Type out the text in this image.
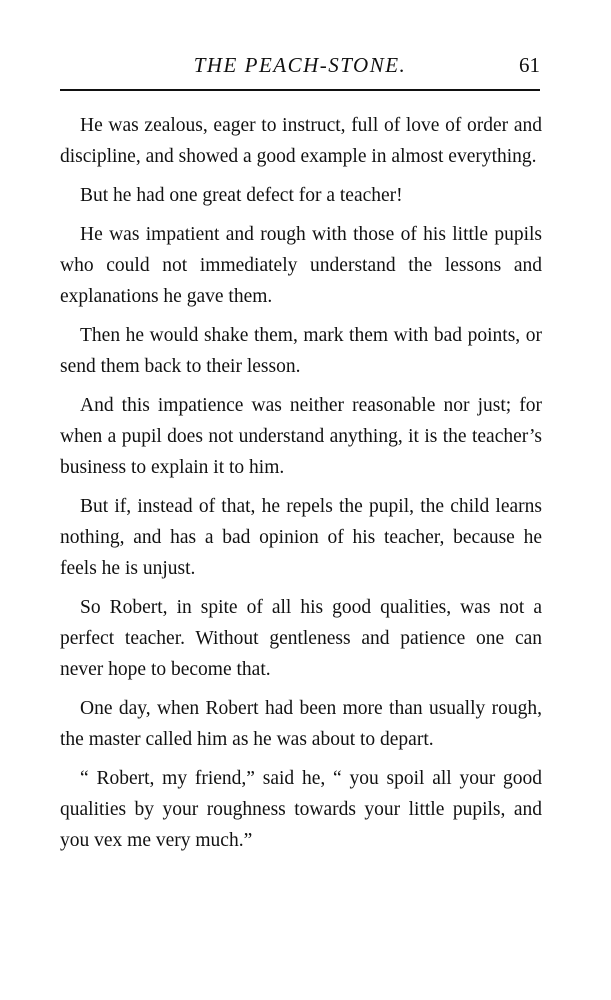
THE PEACH-STONE.	61

He was zealous, eager to instruct, full of love of order and discipline, and showed a good example in almost everything.

But he had one great defect for a teacher!

He was impatient and rough with those of his little pupils who could not immediately understand the lessons and explanations he gave them.

Then he would shake them, mark them with bad points, or send them back to their lesson.

And this impatience was neither reasonable nor just; for when a pupil does not understand anything, it is the teacher’s business to explain it to him.

But if, instead of that, he repels the pupil, the child learns nothing, and has a bad opinion of his teacher, because he feels he is unjust.

So Robert, in spite of all his good qualities, was not a perfect teacher. Without gentleness and patience one can never hope to become that.

One day, when Robert had been more than usually rough, the master called him as he was about to depart.

“ Robert, my friend,” said he, “ you spoil all your good qualities by your roughness towards your little pupils, and you vex me very much.”
